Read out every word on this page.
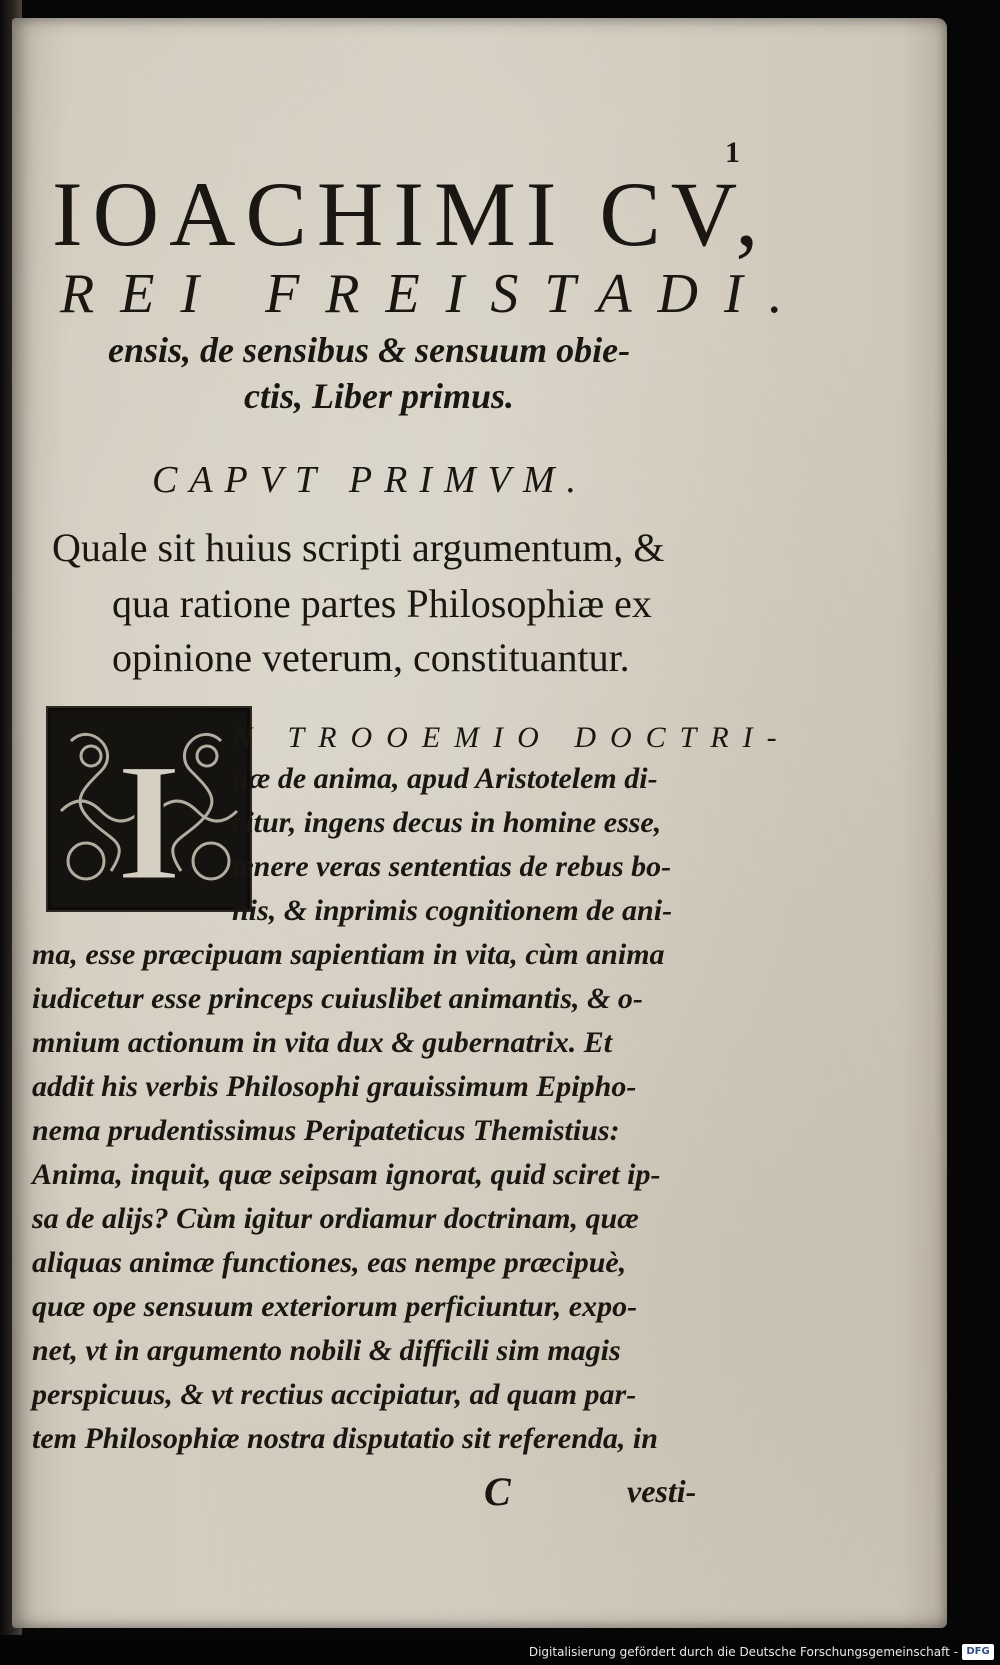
1
IOACHIMI CV,
REI FREISTADI.
ensis, de sensibus & sensuum obie-
ctis, Liber primus.
CAPVT PRIMVM.
Quale sit huius scripti argumentum, &
qua ratione partes Philosophiæ ex
opinione veterum, constituantur.
I N TROOEMIO DOCTRI-
næ de anima, apud Aristotelem di-
citur, ingens decus in homine esse,
tenere veras sententias de rebus bo-
nis, & inprimis cognitionem de ani-
ma, esse præcipuam sapientiam in vita, cùm anima
iudicetur esse princeps cuiuslibet animantis, & o-
mnium actionum in vita dux & gubernatrix. Et
addit his verbis Philosophi grauissimum Epipho-
nema prudentissimus Peripateticus Themistius:
Anima, inquit, quæ seipsam ignorat, quid sciret ip-
sa de alijs? Cùm igitur ordiamur doctrinam, quæ
aliquas animæ functiones, eas nempe præcipuè,
quæ ope sensuum exteriorum perficiuntur, expo-
net, vt in argumento nobili & difficili sim magis
perspicuus, & vt rectius accipiatur, ad quam par-
tem Philosophiæ nostra disputatio sit referenda, in
C	vesti-
Digitalisierung gefördert durch die Deutsche Forschungsgemeinschaft - DFG
